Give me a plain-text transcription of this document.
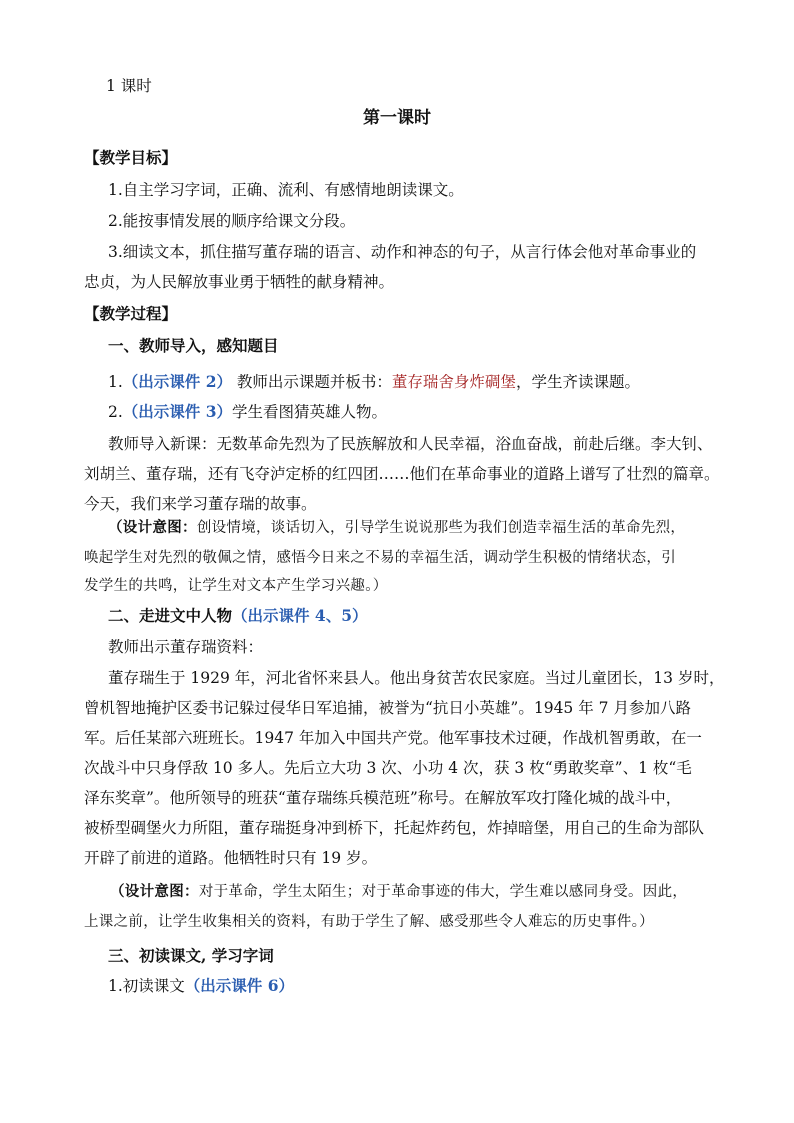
1 课时
第一课时
【教学目标】
1.自主学习字词，正确、流利、有感情地朗读课文。
2.能按事情发展的顺序给课文分段。
3.细读文本，抓住描写董存瑞的语言、动作和神态的句子，从言行体会他对革命事业的
忠贞，为人民解放事业勇于牺牲的献身精神。
【教学过程】
一、教师导入，感知题目
1.（出示课件 2） 教师出示课题并板书：董存瑞舍身炸碉堡，学生齐读课题。
2.（出示课件 3）学生看图猜英雄人物。
教师导入新课：无数革命先烈为了民族解放和人民幸福，浴血奋战，前赴后继。李大钊、
刘胡兰、董存瑞，还有飞夺泸定桥的红四团……他们在革命事业的道路上谱写了壮烈的篇章。
今天，我们来学习董存瑞的故事。
（设计意图：创设情境，谈话切入，引导学生说说那些为我们创造幸福生活的革命先烈，
唤起学生对先烈的敬佩之情，感悟今日来之不易的幸福生活，调动学生积极的情绪状态，引
发学生的共鸣，让学生对文本产生学习兴趣。）
二、走进文中人物（出示课件 4、5）
教师出示董存瑞资料：
董存瑞生于 1929 年，河北省怀来县人。他出身贫苦农民家庭。当过儿童团长，13 岁时，
曾机智地掩护区委书记躲过侵华日军追捕，被誉为“抗日小英雄”。1945 年 7 月参加八路
军。后任某部六班班长。1947 年加入中国共产党。他军事技术过硬，作战机智勇敢，在一
次战斗中只身俘敌 10 多人。先后立大功 3 次、小功 4 次，获 3 枚“勇敢奖章”、1 枚“毛
泽东奖章”。他所领导的班获“董存瑞练兵模范班”称号。在解放军攻打隆化城的战斗中，
被桥型碉堡火力所阻，董存瑞挺身冲到桥下，托起炸药包，炸掉暗堡，用自己的生命为部队
开辟了前进的道路。他牺牲时只有 19 岁。
（设计意图：对于革命，学生太陌生；对于革命事迹的伟大，学生难以感同身受。因此，
上课之前，让学生收集相关的资料，有助于学生了解、感受那些令人难忘的历史事件。）
三、初读课文, 学习字词
1.初读课文（出示课件 6）
